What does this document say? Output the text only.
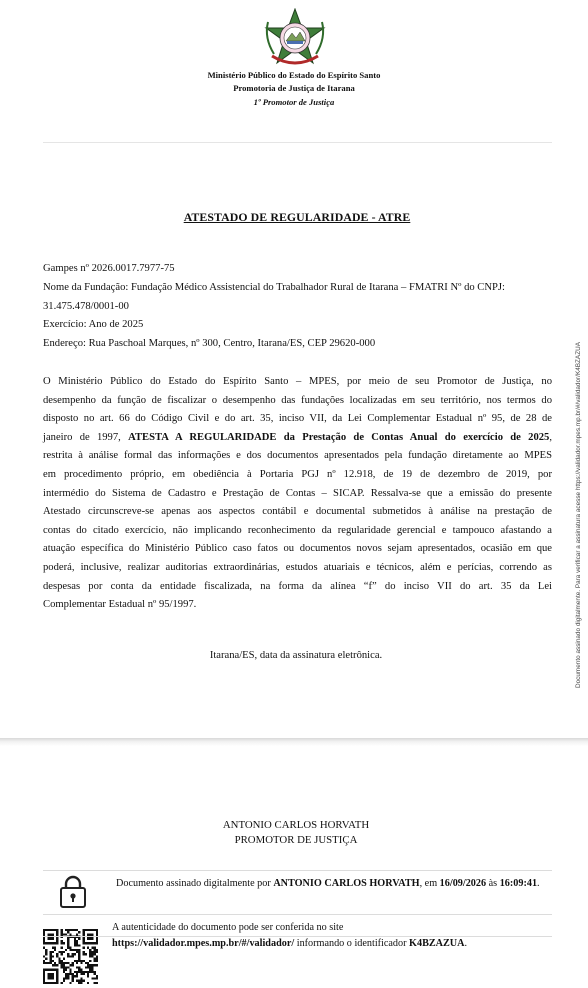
Ministério Público do Estado do Espírito Santo
Promotoria de Justiça de Itarana
1º Promotor de Justiça
ATESTADO DE REGULARIDADE - ATRE

Gampes nº 2026.0017.7977-75

Nome da Fundação: Fundação Médico Assistencial do Trabalhador Rural de Itarana – FMATRI Nº do CNPJ:

31.475.478/0001-00

Exercício: Ano de 2025

Endereço: Rua Paschoal Marques, nº 300, Centro, Itarana/ES, CEP 29620-000

O Ministério Público do Estado do Espírito Santo – MPES, por meio de seu Promotor de Justiça, no
desempenho da função de fiscalizar o desempenho das fundações localizadas em seu território, nos termos do
disposto no art. 66 do Código Civil e do art. 35, inciso VII, da Lei Complementar Estadual nº 95, de 28 de
janeiro de 1997, ATESTA A REGULARIDADE da Prestação de Contas Anual do exercício de 2025,
restrita à análise formal das informações e dos documentos apresentados pela fundação diretamente ao MPES
em procedimento próprio, em obediência à Portaria PGJ nº 12.918, de 19 de dezembro de 2019, por
intermédio do Sistema de Cadastro e Prestação de Contas – SICAP. Ressalva-se que a emissão do presente
Atestado circunscreve-se apenas aos aspectos contábil e documental submetidos à análise na prestação de
contas do citado exercício, não implicando reconhecimento da regularidade gerencial e tampouco afastando a
atuação específica do Ministério Público caso fatos ou documentos novos sejam apresentados, ocasião em que
poderá, inclusive, realizar auditorias extraordinárias, estudos atuariais e técnicos, além e perícias, correndo as
despesas por conta da entidade fiscalizada, na forma da alínea “f” do inciso VII do art. 35 da Lei
Complementar Estadual nº 95/1997.

Itarana/ES, data da assinatura eletrônica.	Documento assinado digitalmente. Para verificar a assinatura acesse https://validador.mpes.mp.br/#/validador/K4BZAZUA
ANTONIO CARLOS HORVATH
PROMOTOR DE JUSTIÇA

Documento assinado digitalmente por ANTONIO CARLOS HORVATH, em 16/09/2026 às 16:09:41.

A autenticidade do documento pode ser conferida no site
https://validador.mpes.mp.br/#/validador/ informando o identificador K4BZAZUA.
